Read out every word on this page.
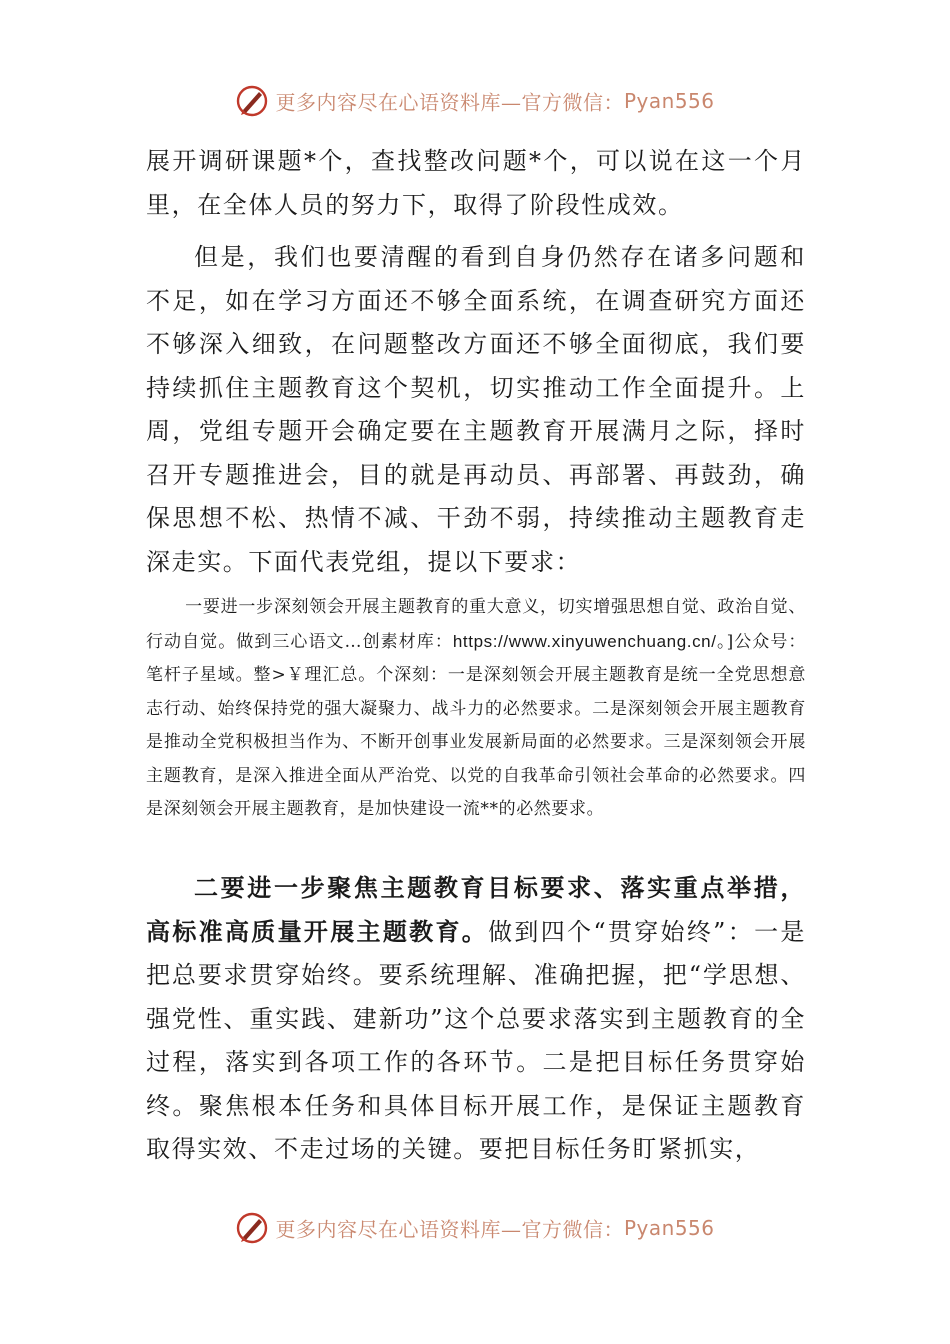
更多内容尽在心语资料库—官方微信：Pyan556

展开调研课题*个，查找整改问题*个，可以说在这一个月里，在全体人员的努力下，取得了阶段性成效。

但是，我们也要清醒的看到自身仍然存在诸多问题和不足，如在学习方面还不够全面系统，在调查研究方面还不够深入细致，在问题整改方面还不够全面彻底，我们要持续抓住主题教育这个契机，切实推动工作全面提升。上周，党组专题开会确定要在主题教育开展满月之际，择时召开专题推进会，目的就是再动员、再部署、再鼓劲，确保思想不松、热情不减、干劲不弱，持续推动主题教育走深走实。下面代表党组，提以下要求：

一要进一步深刻领会开展主题教育的重大意义，切实增强思想自觉、政治自觉、行动自觉。做到三心语文…创素材库：https://www.xinyuwenchuang.cn/。]公众号：笔杆子星域。整>￥理汇总。个深刻：一是深刻领会开展主题教育是统一全党思想意志行动、始终保持党的强大凝聚力、战斗力的必然要求。二是深刻领会开展主题教育是推动全党积极担当作为、不断开创事业发展新局面的必然要求。三是深刻领会开展主题教育，是深入推进全面从严治党、以党的自我革命引领社会革命的必然要求。四是深刻领会开展主题教育，是加快建设一流**的必然要求。

二要进一步聚焦主题教育目标要求、落实重点举措，高标准高质量开展主题教育。做到四个“贯穿始终”：一是把总要求贯穿始终。要系统理解、准确把握，把“学思想、强党性、重实践、建新功”这个总要求落实到主题教育的全过程，落实到各项工作的各环节。二是把目标任务贯穿始终。聚焦根本任务和具体目标开展工作，是保证主题教育取得实效、不走过场的关键。要把目标任务盯紧抓实，

更多内容尽在心语资料库—官方微信：Pyan556
